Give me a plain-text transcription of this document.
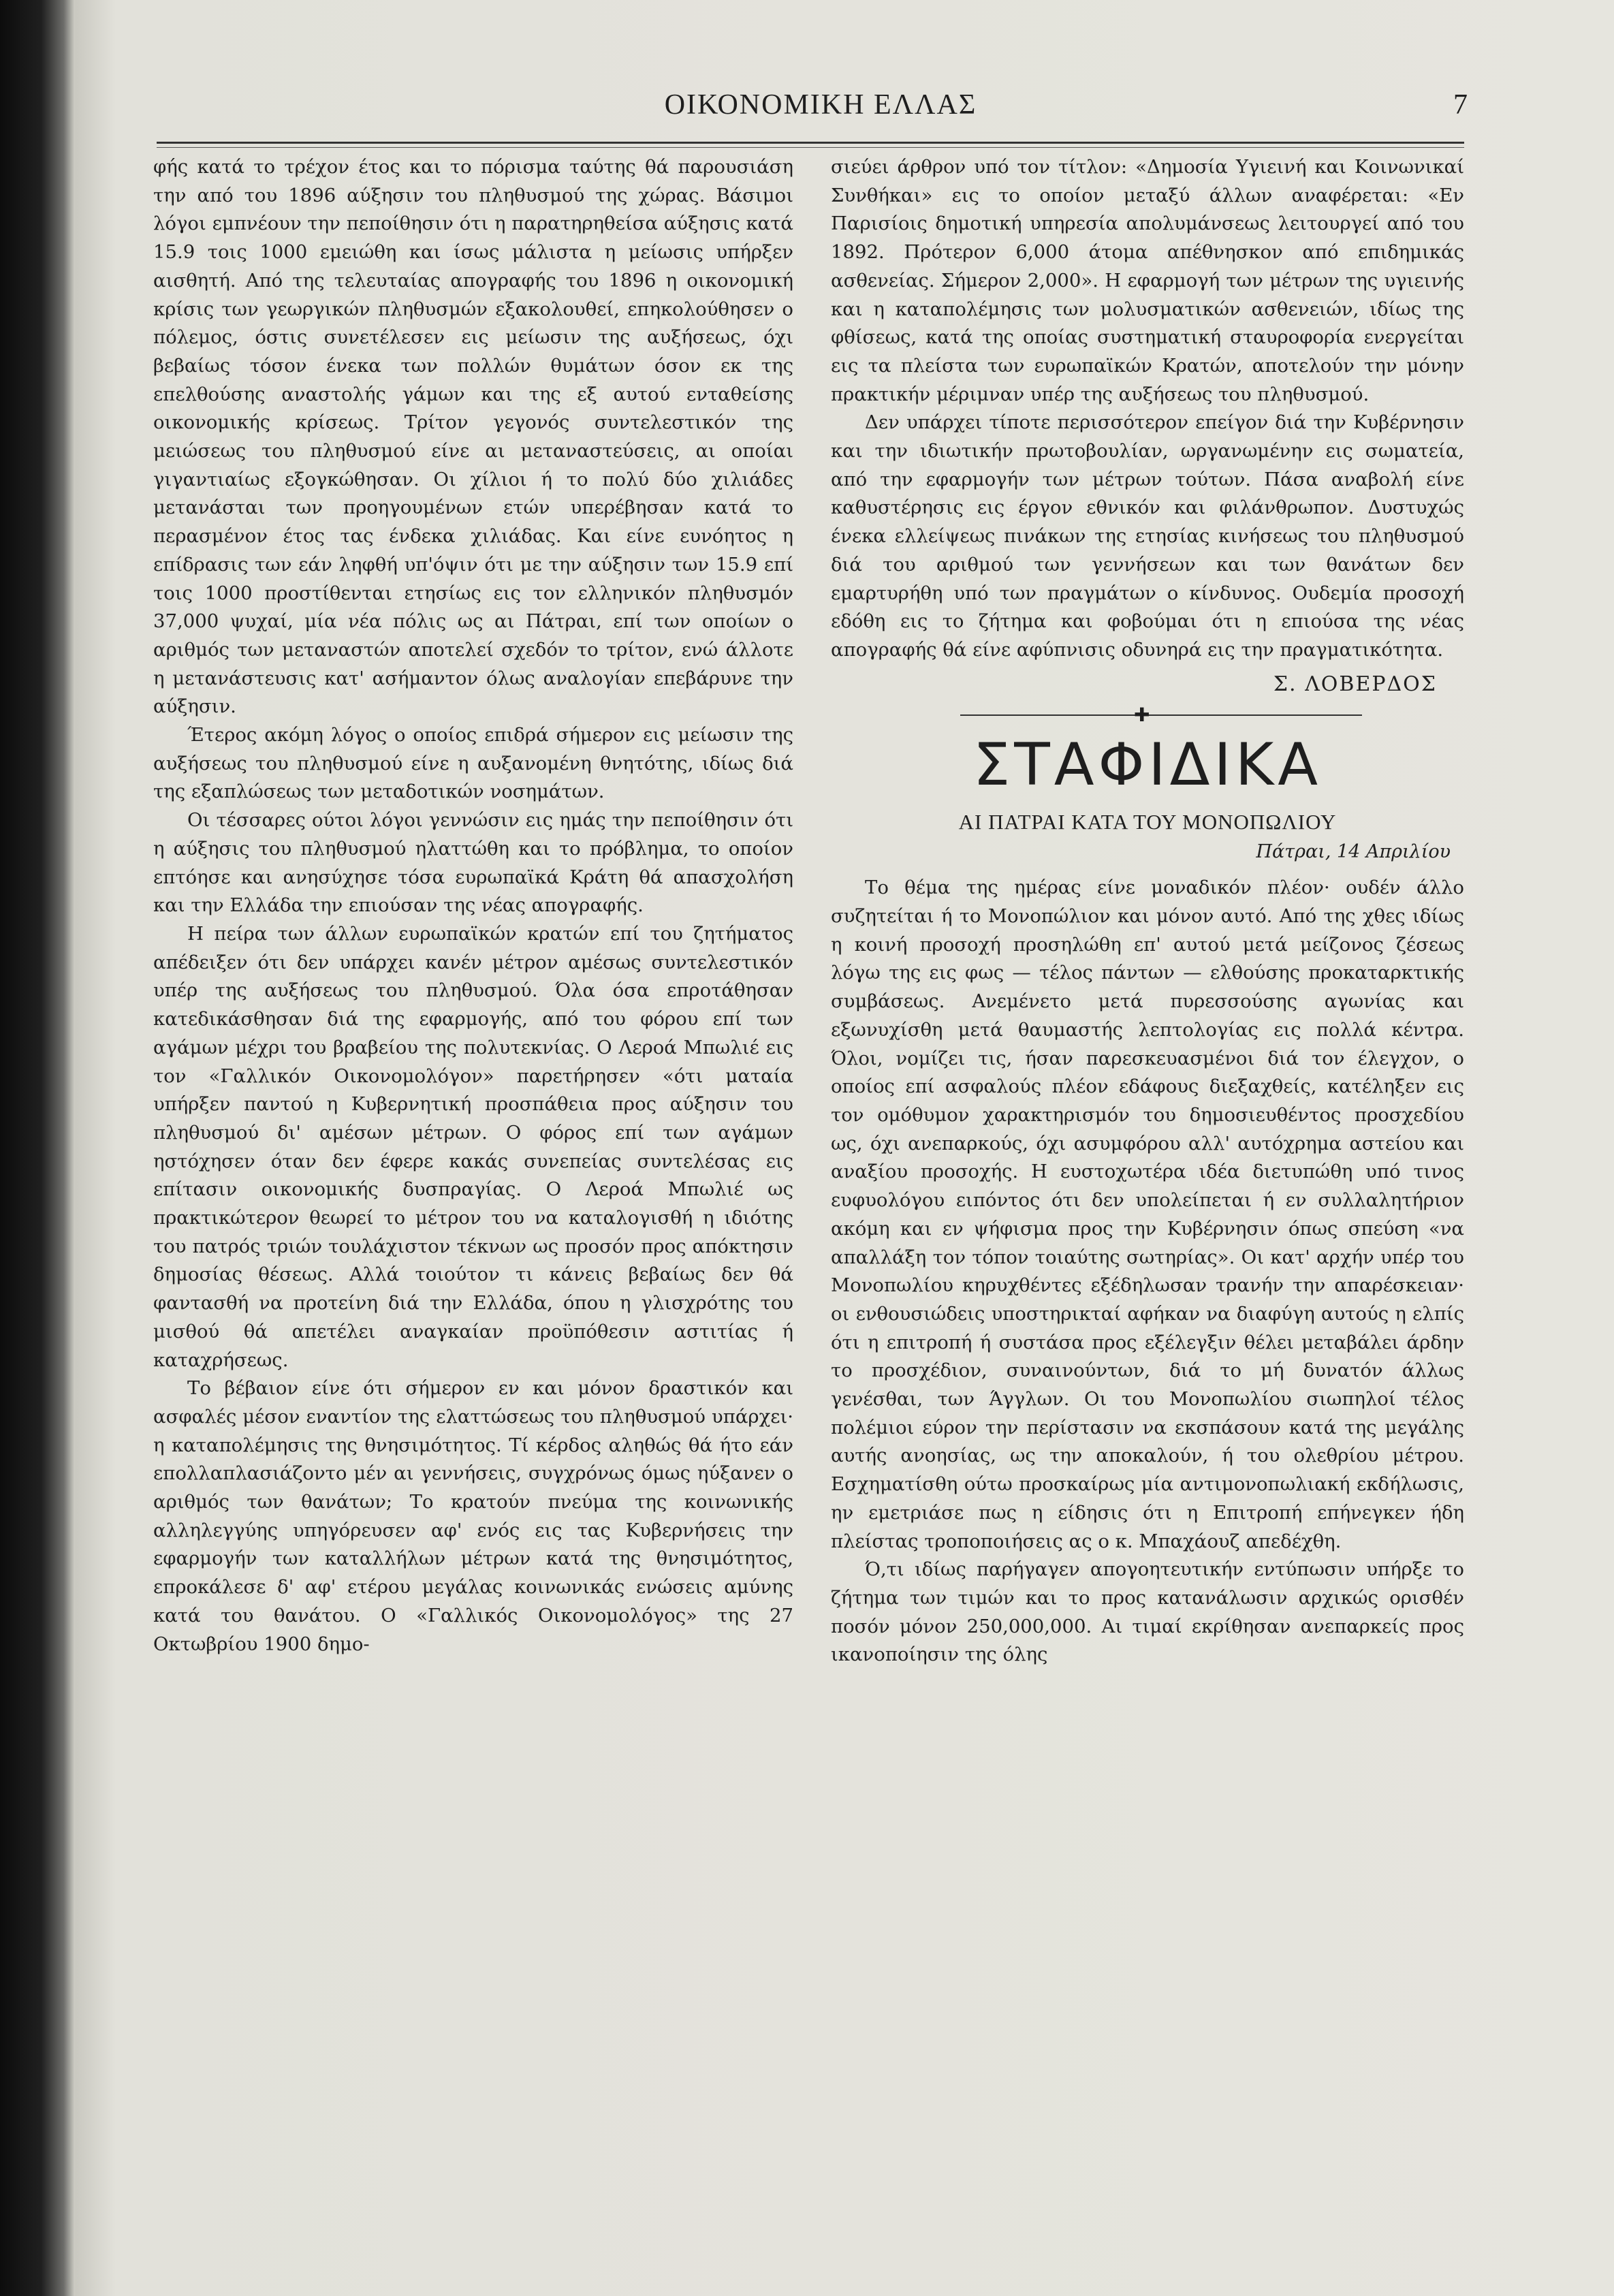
ΟΙΚΟΝΟΜΙΚΗ ΕΛΛΑΣ	7

φής κατά το τρέχον έτος και το πόρισμα ταύτης θά παρουσιάση την από του 1896 αύξησιν του πληθυσμού της χώρας. Βάσιμοι λόγοι εμπνέουν την πεποίθησιν ότι η παρατηρηθείσα αύξησις κατά 15.9 τοις 1000 εμειώθη και ίσως μάλιστα η μείωσις υπήρξεν αισθητή. Από της τελευταίας απογραφής του 1896 η οικονομική κρίσις των γεωργικών πληθυσμών εξακολουθεί, επηκολούθησεν ο πόλεμος, όστις συνετέλεσεν εις μείωσιν της αυξήσεως, όχι βεβαίως τόσον ένεκα των πολλών θυμάτων όσον εκ της επελθούσης αναστολής γάμων και της εξ αυτού ενταθείσης οικονομικής κρίσεως. Τρίτον γεγονός συντελεστικόν της μειώσεως του πληθυσμού είνε αι μεταναστεύσεις, αι οποίαι γιγαντιαίως εξογκώθησαν. Οι χίλιοι ή το πολύ δύο χιλιάδες μετανάσται των προηγουμένων ετών υπερέβησαν κατά το περασμένον έτος τας ένδεκα χιλιάδας. Και είνε ευνόητος η επίδρασις των εάν ληφθή υπ'όψιν ότι με την αύξησιν των 15.9 επί τοις 1000 προστίθενται ετησίως εις τον ελληνικόν πληθυσμόν 37,000 ψυχαί, μία νέα πόλις ως αι Πάτραι, επί των οποίων ο αριθμός των μεταναστών αποτελεί σχεδόν το τρίτον, ενώ άλλοτε η μετανάστευσις κατ' ασήμαντον όλως αναλογίαν επεβάρυνε την αύξησιν.

Έτερος ακόμη λόγος ο οποίος επιδρά σήμερον εις μείωσιν της αυξήσεως του πληθυσμού είνε η αυξανομένη θνητότης, ιδίως διά της εξαπλώσεως των μεταδοτικών νοσημάτων.

Οι τέσσαρες ούτοι λόγοι γεννώσιν εις ημάς την πεποίθησιν ότι η αύξησις του πληθυσμού ηλαττώθη και το πρόβλημα, το οποίον επτόησε και ανησύχησε τόσα ευρωπαϊκά Κράτη θά απασχολήση και την Ελλάδα την επιούσαν της νέας απογραφής.

Η πείρα των άλλων ευρωπαϊκών κρατών επί του ζητήματος απέδειξεν ότι δεν υπάρχει κανέν μέτρον αμέσως συντελεστικόν υπέρ της αυξήσεως του πληθυσμού. Όλα όσα επροτάθησαν κατεδικάσθησαν διά της εφαρμογής, από του φόρου επί των αγάμων μέχρι του βραβείου της πολυτεκνίας. Ο Λεροά Μπωλιέ εις τον «Γαλλικόν Οικονομολόγον» παρετήρησεν «ότι ματαία υπήρξεν παντού η Κυβερνητική προσπάθεια προς αύξησιν του πληθυσμού δι' αμέσων μέτρων. Ο φόρος επί των αγάμων ηστόχησεν όταν δεν έφερε κακάς συνεπείας συντελέσας εις επίτασιν οικονομικής δυσπραγίας. Ο Λεροά Μπωλιέ ως πρακτικώτερον θεωρεί το μέτρον του να καταλογισθή η ιδιότης του πατρός τριών τουλάχιστον τέκνων ως προσόν προς απόκτησιν δημοσίας θέσεως. Αλλά τοιούτον τι κάνεις βεβαίως δεν θά φαντασθή να προτείνη διά την Ελλάδα, όπου η γλισχρότης του μισθού θά απετέλει αναγκαίαν προϋπόθεσιν αστιτίας ή καταχρήσεως.

Το βέβαιον είνε ότι σήμερον εν και μόνον δραστικόν και ασφαλές μέσον εναντίον της ελαττώσεως του πληθυσμού υπάρχει· η καταπολέμησις της θνησιμότητος. Τί κέρδος αληθώς θά ήτο εάν επολλαπλασιάζοντο μέν αι γεννήσεις, συγχρόνως όμως ηύξανεν ο αριθμός των θανάτων; Το κρατούν πνεύμα της κοινωνικής αλληλεγγύης υπηγόρευσεν αφ' ενός εις τας Κυβερνήσεις την εφαρμογήν των καταλλήλων μέτρων κατά της θνησιμότητος, επροκάλεσε δ' αφ' ετέρου μεγάλας κοινωνικάς ενώσεις αμύνης κατά του θανάτου. Ο «Γαλλικός Οικονομολόγος» της 27 Οκτωβρίου 1900 δημο-

σιεύει άρθρον υπό τον τίτλον: «Δημοσία Υγιεινή και Κοινωνικαί Συνθήκαι» εις το οποίον μεταξύ άλλων αναφέρεται: «Εν Παρισίοις δημοτική υπηρεσία απολυμάνσεως λειτουργεί από του 1892. Πρότερον 6,000 άτομα απέθνησκον από επιδημικάς ασθενείας. Σήμερον 2,000». Η εφαρμογή των μέτρων της υγιεινής και η καταπολέμησις των μολυσματικών ασθενειών, ιδίως της φθίσεως, κατά της οποίας συστηματική σταυροφορία ενεργείται εις τα πλείστα των ευρωπαϊκών Κρατών, αποτελούν την μόνην πρακτικήν μέριμναν υπέρ της αυξήσεως του πληθυσμού.

Δεν υπάρχει τίποτε περισσότερον επείγον διά την Κυβέρνησιν και την ιδιωτικήν πρωτοβουλίαν, ωργανωμένην εις σωματεία, από την εφαρμογήν των μέτρων τούτων. Πάσα αναβολή είνε καθυστέρησις εις έργον εθνικόν και φιλάνθρωπον. Δυστυχώς ένεκα ελλείψεως πινάκων της ετησίας κινήσεως του πληθυσμού διά του αριθμού των γεννήσεων και των θανάτων δεν εμαρτυρήθη υπό των πραγμάτων ο κίνδυνος. Ουδεμία προσοχή εδόθη εις το ζήτημα και φοβούμαι ότι η επιούσα της νέας απογραφής θά είνε αφύπνισις οδυνηρά εις την πραγματικότητα.

Σ. ΛΟΒΕΡΔΟΣ
✚
ΣΤΑΦΙΔΙΚΑ
ΑΙ ΠΑΤΡΑΙ ΚΑΤΑ ΤΟΥ ΜΟΝΟΠΩΛΙΟΥ
Πάτραι, 14 Απριλίου

Το θέμα της ημέρας είνε μοναδικόν πλέον· ουδέν άλλο συζητείται ή το Μονοπώλιον και μόνον αυτό. Από της χθες ιδίως η κοινή προσοχή προσηλώθη επ' αυτού μετά μείζονος ζέσεως λόγω της εις φως — τέλος πάντων — ελθούσης προκαταρκτικής συμβάσεως. Ανεμένετο μετά πυρεσσούσης αγωνίας και εξωνυχίσθη μετά θαυμαστής λεπτολογίας εις πολλά κέντρα. Όλοι, νομίζει τις, ήσαν παρεσκευασμένοι διά τον έλεγχον, ο οποίος επί ασφαλούς πλέον εδάφους διεξαχθείς, κατέληξεν εις τον ομόθυμον χαρακτηρισμόν του δημοσιευθέντος προσχεδίου ως, όχι ανεπαρκούς, όχι ασυμφόρου αλλ' αυτόχρημα αστείου και αναξίου προσοχής. Η ευστοχωτέρα ιδέα διετυπώθη υπό τινος ευφυολόγου ειπόντος ότι δεν υπολείπεται ή εν συλλαλητήριον ακόμη και εν ψήφισμα προς την Κυβέρνησιν όπως σπεύση «να απαλλάξη τον τόπον τοιαύτης σωτηρίας». Οι κατ' αρχήν υπέρ του Μονοπωλίου κηρυχθέντες εξέδηλωσαν τρανήν την απαρέσκειαν· οι ενθουσιώδεις υποστηρικταί αφήκαν να διαφύγη αυτούς η ελπίς ότι η επιτροπή ή συστάσα προς εξέλεγξιν θέλει μεταβάλει άρδην το προσχέδιον, συναινούντων, διά το μή δυνατόν άλλως γενέσθαι, των Άγγλων. Οι του Μονοπωλίου σιωπηλοί τέλος πολέμιοι εύρον την περίστασιν να εκσπάσουν κατά της μεγάλης αυτής ανοησίας, ως την αποκαλούν, ή του ολεθρίου μέτρου. Εσχηματίσθη ούτω προσκαίρως μία αντιμονοπωλιακή εκδήλωσις, ην εμετριάσε πως η είδησις ότι η Επιτροπή επήνεγκεν ήδη πλείστας τροποποιήσεις ας ο κ. Μπαχάουζ απεδέχθη.

Ό,τι ιδίως παρήγαγεν απογοητευτικήν εντύπωσιν υπήρξε το ζήτημα των τιμών και το προς κατανάλωσιν αρχικώς ορισθέν ποσόν μόνον 250,000,000. Αι τιμαί εκρίθησαν ανεπαρκείς προς ικανοποίησιν της όλης
